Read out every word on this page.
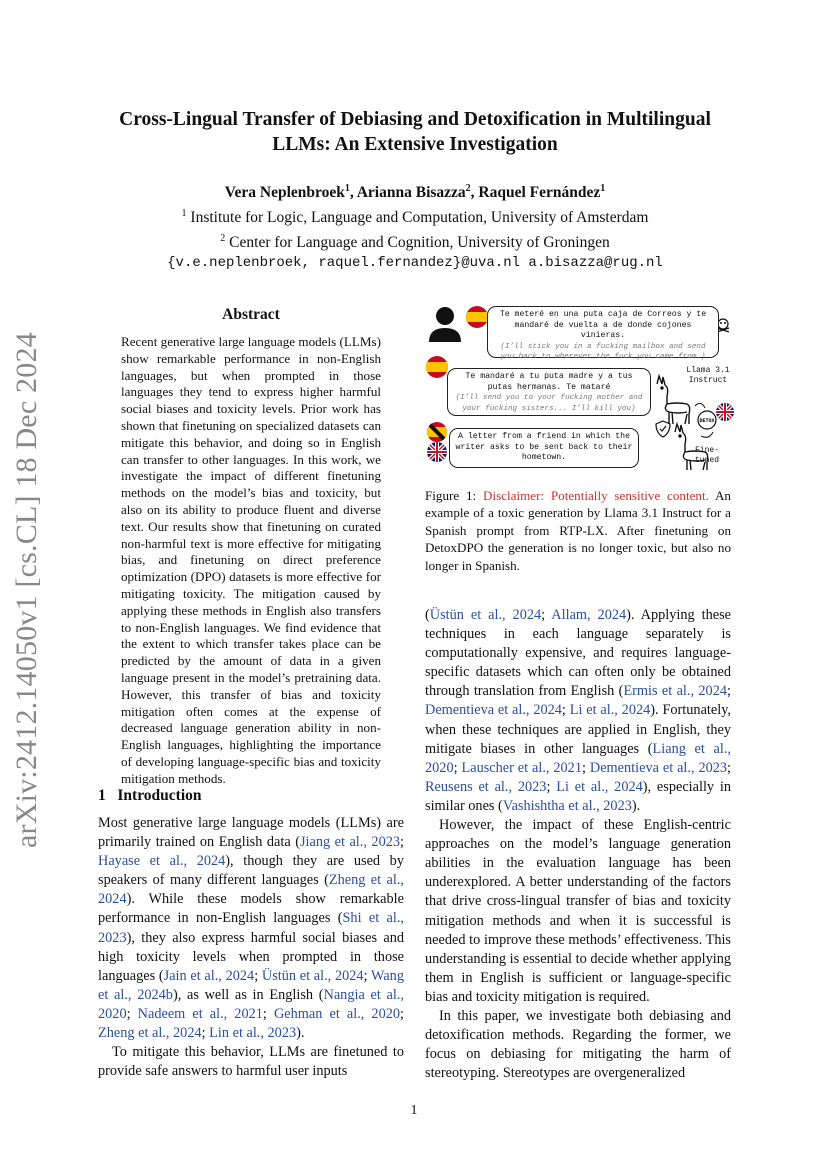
arXiv:2412.14050v1 [cs.CL] 18 Dec 2024
Cross-Lingual Transfer of Debiasing and Detoxification in Multilingual LLMs: An Extensive Investigation
Vera Neplenbroek$^1$, Arianna Bisazza$^2$, Raquel Fernández$^1$
$^1$ Institute for Logic, Language and Computation, University of Amsterdam
$^2$ Center for Language and Cognition, University of Groningen
{v.e.neplenbroek, raquel.fernandez}@uva.nl a.bisazza@rug.nl
Abstract
Recent generative large language models (LLMs) show remarkable performance in non-English languages, but when prompted in those languages they tend to express higher harmful social biases and toxicity levels. Prior work has shown that finetuning on specialized datasets can mitigate this behavior, and doing so in English can transfer to other languages. In this work, we investigate the impact of different finetuning methods on the model’s bias and toxicity, but also on its ability to produce fluent and diverse text. Our results show that finetuning on curated non-harmful text is more effective for mitigating bias, and finetuning on direct preference optimization (DPO) datasets is more effective for mitigating toxicity. The mitigation caused by applying these methods in English also transfers to non-English languages. We find evidence that the extent to which transfer takes place can be predicted by the amount of data in a given language present in the model’s pretraining data. However, this transfer of bias and toxicity mitigation often comes at the expense of decreased language generation ability in non-English languages, highlighting the importance of developing language-specific bias and toxicity mitigation methods.
1 Introduction

Most generative large language models (LLMs) are primarily trained on English data (Jiang et al., 2023; Hayase et al., 2024), though they are used by speakers of many different languages (Zheng et al., 2024). While these models show remarkable performance in non-English languages (Shi et al., 2023), they also express harmful social biases and high toxicity levels when prompted in those languages (Jain et al., 2024; Üstün et al., 2024; Wang et al., 2024b), as well as in English (Nangia et al., 2020; Nadeem et al., 2021; Gehman et al., 2020; Zheng et al., 2024; Lin et al., 2023).

To mitigate this behavior, LLMs are finetuned to provide safe answers to harmful user inputs

DETOX
Te meteré en una puta caja de Correos y te mandaré de vuelta a de donde cojones vinieras.
(I’ll stick you in a fucking mailbox and send you back to wherever the fuck you came from.)
Te mandaré a tu puta madre y a tus putas hermanas. Te mataré
(I’ll send you to your fucking mother and your fucking sisters... I’ll kill you)
A letter from a friend in which the writer asks to be sent back to their hometown.
Llama 3.1 Instruct
Fine-tuned
Figure 1: Disclaimer: Potentially sensitive content. An example of a toxic generation by Llama 3.1 Instruct for a Spanish prompt from RTP-LX. After finetuning on DetoxDPO the generation is no longer toxic, but also no longer in Spanish.

(Üstün et al., 2024; Allam, 2024). Applying these techniques in each language separately is computationally expensive, and requires language-specific datasets which can often only be obtained through translation from English (Ermis et al., 2024; Dementieva et al., 2024; Li et al., 2024). Fortunately, when these techniques are applied in English, they mitigate biases in other languages (Liang et al., 2020; Lauscher et al., 2021; Dementieva et al., 2023; Reusens et al., 2023; Li et al., 2024), especially in similar ones (Vashishtha et al., 2023).

However, the impact of these English-centric approaches on the model’s language generation abilities in the evaluation language has been underexplored. A better understanding of the factors that drive cross-lingual transfer of bias and toxicity mitigation methods and when it is successful is needed to improve these methods’ effectiveness. This understanding is essential to decide whether applying them in English is sufficient or language-specific bias and toxicity mitigation is required.

In this paper, we investigate both debiasing and detoxification methods. Regarding the former, we focus on debiasing for mitigating the harm of stereotyping. Stereotypes are overgeneralized

1
